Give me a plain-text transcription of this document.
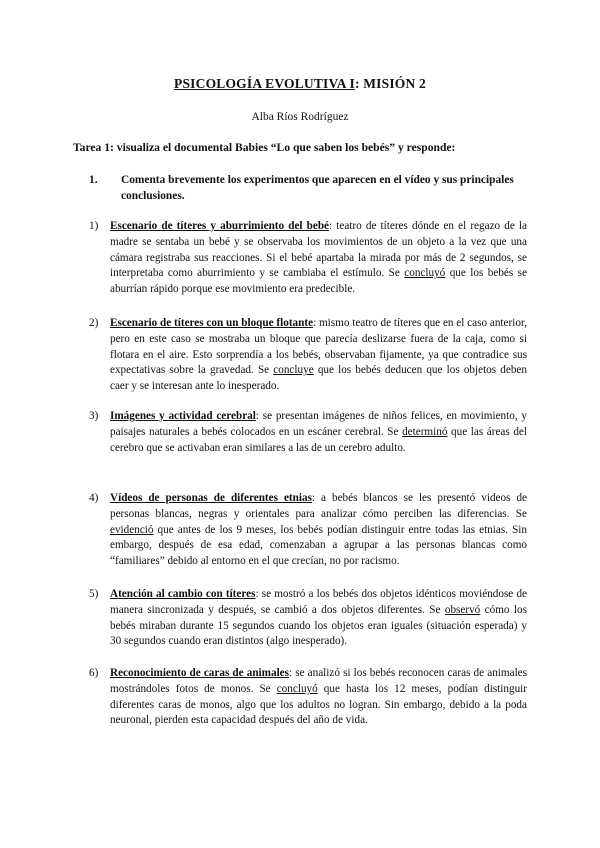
PSICOLOGÍA EVOLUTIVA I: MISIÓN 2
Alba Ríos Rodríguez
Tarea 1: visualiza el documental Babies “Lo que saben los bebés” y responde:
1. Comenta brevemente los experimentos que aparecen en el vídeo y sus principales conclusiones.
1) Escenario de títeres y aburrimiento del bebé: teatro de títeres dónde en el regazo de la madre se sentaba un bebé y se observaba los movimientos de un objeto a la vez que una cámara registraba sus reacciones. Si el bebé apartaba la mirada por más de 2 segundos, se interpretaba como aburrimiento y se cambiaba el estímulo. Se concluyó que los bebés se aburrían rápido porque ese movimiento era predecible.
2) Escenario de títeres con un bloque flotante: mismo teatro de títeres que en el caso anterior, pero en este caso se mostraba un bloque que parecía deslizarse fuera de la caja, como si flotara en el aire. Esto sorprendía a los bebés, observaban fijamente, ya que contradice sus expectativas sobre la gravedad. Se concluye que los bebés deducen que los objetos deben caer y se interesan ante lo inesperado.
3) Imágenes y actividad cerebral: se presentan imágenes de niños felices, en movimiento, y paisajes naturales a bebés colocados en un escáner cerebral. Se determinó que las áreas del cerebro que se activaban eran similares a las de un cerebro adulto.
4) Vídeos de personas de diferentes etnias: a bebés blancos se les presentó videos de personas blancas, negras y orientales para analizar cómo perciben las diferencias. Se evidenció que antes de los 9 meses, los bebés podían distinguir entre todas las etnias. Sin embargo, después de esa edad, comenzaban a agrupar a las personas blancas como “familiares” debido al entorno en el que crecían, no por racismo.
5) Atención al cambio con títeres: se mostró a los bebés dos objetos idénticos moviéndose de manera sincronizada y después, se cambió a dos objetos diferentes. Se observó cómo los bebés miraban durante 15 segundos cuando los objetos eran iguales (situación esperada) y 30 segundos cuando eran distintos (algo inesperado).
6) Reconocimiento de caras de animales: se analizó si los bebés reconocen caras de animales mostrándoles fotos de monos. Se concluyó que hasta los 12 meses, podían distinguir diferentes caras de monos, algo que los adultos no logran. Sin embargo, debido a la poda neuronal, pierden esta capacidad después del año de vida.
